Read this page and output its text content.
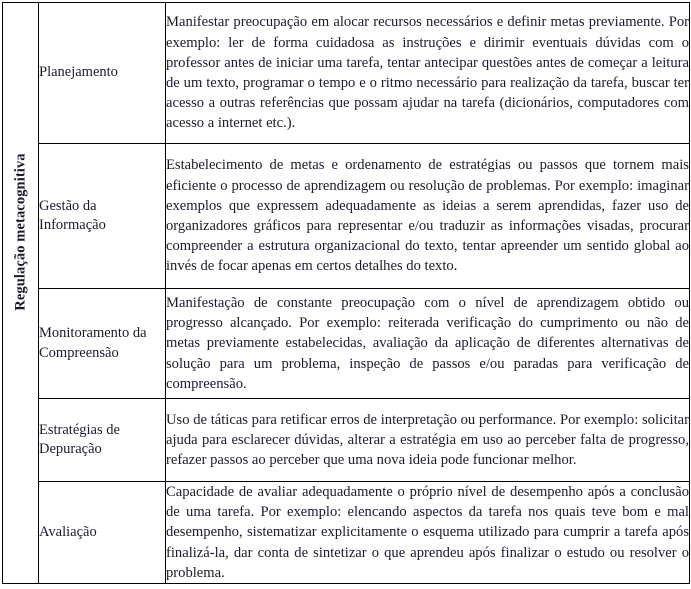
Regulação metacognitiva	Planejamento	Manifestar preocupação em alocar recursos necessários e definir metas previamente. Por exemplo: ler de forma cuidadosa as instruções e dirimir eventuais dúvidas com o professor antes de iniciar uma tarefa, tentar antecipar questões antes de começar a leitura de um texto, programar o tempo e o ritmo necessário para realização da tarefa, buscar ter acesso a outras referências que possam ajudar na tarefa (dicionários, computadores com acesso a internet etc.).

	Gestão da Informação	Estabelecimento de metas e ordenamento de estratégias ou passos que tornem mais eficiente o processo de aprendizagem ou resolução de problemas. Por exemplo: imaginar exemplos que expressem adequadamente as ideias a serem aprendidas, fazer uso de organizadores gráficos para representar e/ou traduzir as informações visadas, procurar compreender a estrutura organizacional do texto, tentar apreender um sentido global ao invés de focar apenas em certos detalhes do texto.

	Monitoramento da Compreensão	Manifestação de constante preocupação com o nível de aprendizagem obtido ou progresso alcançado. Por exemplo: reiterada verificação do cumprimento ou não de metas previamente estabelecidas, avaliação da aplicação de diferentes alternativas de solução para um problema, inspeção de passos e/ou paradas para verificação de compreensão.

	Estratégias de Depuração	Uso de táticas para retificar erros de interpretação ou performance. Por exemplo: solicitar ajuda para esclarecer dúvidas, alterar a estratégia em uso ao perceber falta de progresso, refazer passos ao perceber que uma nova ideia pode funcionar melhor.

	Avaliação	Capacidade de avaliar adequadamente o próprio nível de desempenho após a conclusão de uma tarefa. Por exemplo: elencando aspectos da tarefa nos quais teve bom e mal desempenho, sistematizar explicitamente o esquema utilizado para cumprir a tarefa após finalizá-la, dar conta de sintetizar o que aprendeu após finalizar o estudo ou resolver o problema.
